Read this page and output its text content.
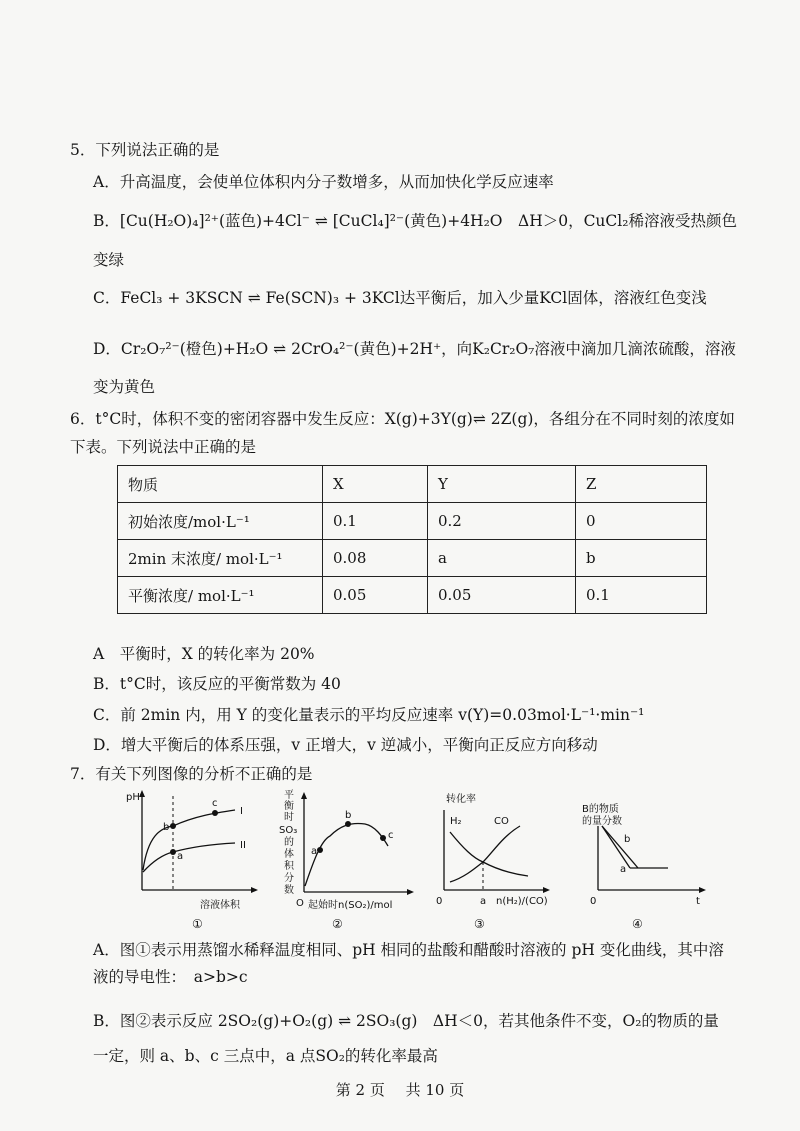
5．下列说法正确的是
A．升高温度，会使单位体积内分子数增多，从而加快化学反应速率
B．[Cu(H₂O)₄]²⁺(蓝色)+4Cl⁻ ⇌ [CuCl₄]²⁻(黄色)+4H₂O　ΔH＞0，CuCl₂稀溶液受热颜色
变绿
C．FeCl₃ + 3KSCN ⇌ Fe(SCN)₃ + 3KCl达平衡后，加入少量KCl固体，溶液红色变浅
D．Cr₂O₇²⁻(橙色)+H₂O ⇌ 2CrO₄²⁻(黄色)+2H⁺，向K₂Cr₂O₇溶液中滴加几滴浓硫酸，溶液
变为黄色
6．t°C时，体积不变的密闭容器中发生反应：X(g)+3Y(g)⇌ 2Z(g)，各组分在不同时刻的浓度如
下表。下列说法中正确的是
物质	X	Y	Z
初始浓度/mol·L⁻¹	0.1	0.2	0
2min 末浓度/ mol·L⁻¹	0.08	a	b
平衡浓度/ mol·L⁻¹	0.05	0.05	0.1
A　平衡时，X 的转化率为 20%
B．t°C时，该反应的平衡常数为 40
C．前 2min 内，用 Y 的变化量表示的平均反应速率 v(Y)=0.03mol·L⁻¹·min⁻¹
D．增大平衡后的体系压强，v 正增大，v 逆减小，平衡向正反应方向移动
7．有关下列图像的分析不正确的是
pH
I
II
a
b
c
溶液体积
①
平
衡
时
SO₃
的
体
积
分
数
a
b
c
O 起始时n(SO₂)/mol
②
转化率
H₂	CO
0	a n(H₂)/(CO)
③
B的物质
的量分数
b
a
0	t
④
A．图①表示用蒸馏水稀释温度相同、pH 相同的盐酸和醋酸时溶液的 pH 变化曲线，其中溶
液的导电性：　a>b>c
B．图②表示反应 2SO₂(g)+O₂(g) ⇌ 2SO₃(g)　ΔH＜0，若其他条件不变，O₂的物质的量
一定，则 a、b、c 三点中，a 点SO₂的转化率最高
第 2 页 共 10 页
